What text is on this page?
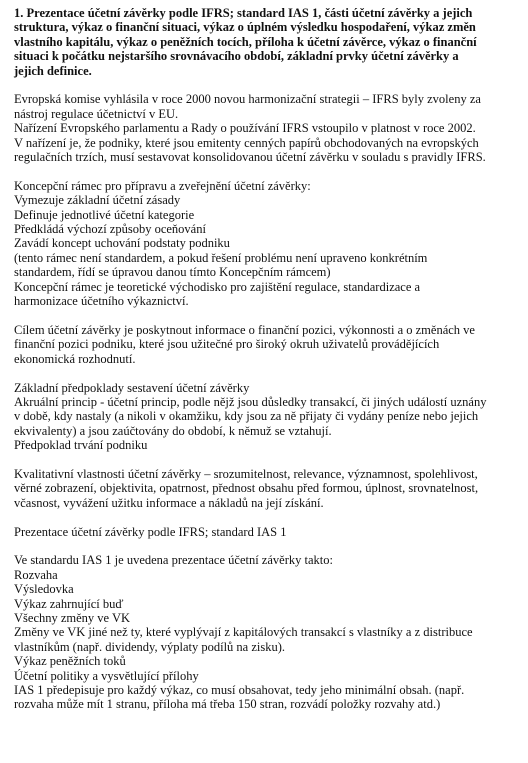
1. Prezentace účetní závěrky podle IFRS; standard IAS 1, části účetní závěrky a jejich
struktura, výkaz o finanční situaci, výkaz o úplném výsledku hospodaření, výkaz změn
vlastního kapitálu, výkaz o peněžních tocích, příloha k účetní závěrce, výkaz o finanční
situaci k počátku nejstaršího srovnávacího období, základní prvky účetní závěrky a
jejich definice.
Evropská komise vyhlásila v roce 2000 novou harmonizační strategii – IFRS byly zvoleny za
nástroj regulace účetnictví v EU.
Nařízení Evropského parlamentu a Rady o používání IFRS vstoupilo v platnost v roce 2002.
V nařízení je, že podniky, které jsou emitenty cenných papírů obchodovaných na evropských
regulačních trzích, musí sestavovat konsolidovanou účetní závěrku v souladu s pravidly IFRS.
Koncepční rámec pro přípravu a zveřejnění účetní závěrky:
Vymezuje základní účetní zásady
Definuje jednotlivé účetní kategorie
Předkládá výchozí způsoby oceňování
Zavádí koncept uchování podstaty podniku
(tento rámec není standardem, a pokud řešení problému není upraveno konkrétním
standardem, řídí se úpravou danou tímto Koncepčním rámcem)
Koncepční rámec je teoretické východisko pro zajištění regulace, standardizace a
harmonizace účetního výkaznictví.
Cílem účetní závěrky je poskytnout informace o finanční pozici, výkonnosti a o změnách ve
finanční pozici podniku, které jsou užitečné pro široký okruh uživatelů provádějících
ekonomická rozhodnutí.
Základní předpoklady sestavení účetní závěrky
Akruální princip - účetní princip, podle nějž jsou důsledky transakcí, či jiných událostí uznány
v době, kdy nastaly (a nikoli v okamžiku, kdy jsou za ně přijaty či vydány peníze nebo jejich
ekvivalenty) a jsou zaúčtovány do období, k němuž se vztahují.
Předpoklad trvání podniku
Kvalitativní vlastnosti účetní závěrky – srozumitelnost, relevance, významnost, spolehlivost,
věrné zobrazení, objektivita, opatrnost, přednost obsahu před formou, úplnost, srovnatelnost,
včasnost, vyvážení užitku informace a nákladů na její získání.
Prezentace účetní závěrky podle IFRS; standard IAS 1
Ve standardu IAS 1 je uvedena prezentace účetní závěrky takto:
Rozvaha
Výsledovka
Výkaz zahrnující buď
Všechny změny ve VK
Změny ve VK jiné než ty, které vyplývají z kapitálových transakcí s vlastníky a z distribuce
vlastníkům (např. dividendy, výplaty podílů na zisku).
Výkaz peněžních toků
Účetní politiky a vysvětlující přílohy
IAS 1 předepisuje pro každý výkaz, co musí obsahovat, tedy jeho minimální obsah. (např.
rozvaha může mít 1 stranu, příloha má třeba 150 stran, rozvádí položky rozvahy atd.)
